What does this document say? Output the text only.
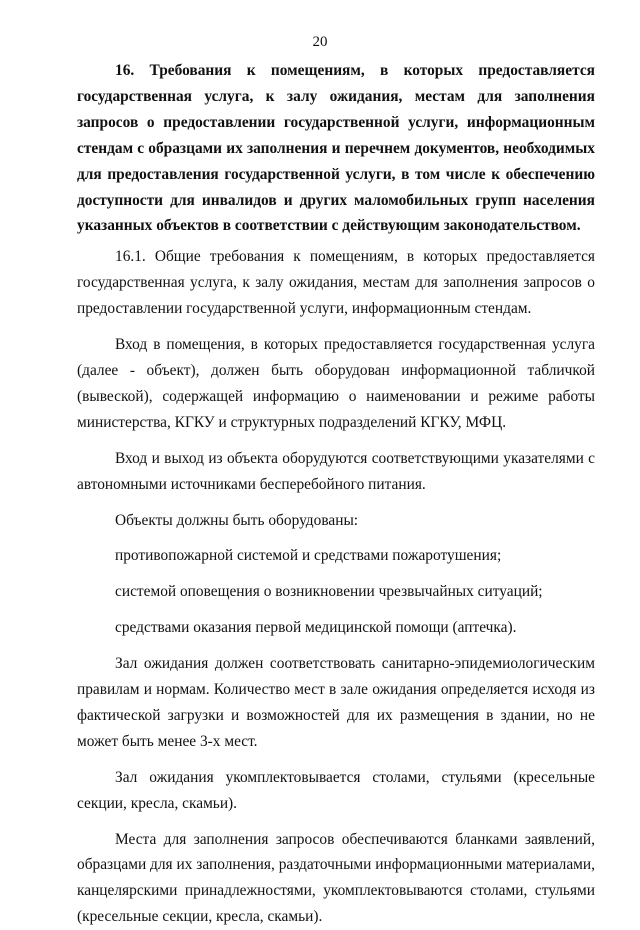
20

16. Требования к помещениям, в которых предоставляется государственная услуга, к залу ожидания, местам для заполнения запросов о предоставлении государственной услуги, информационным стендам с образцами их заполнения и перечнем документов, необходимых для предоставления государственной услуги, в том числе к обеспечению доступности для инвалидов и других маломобильных групп населения указанных объектов в соответствии с действующим законодательством.

16.1. Общие требования к помещениям, в которых предоставляется государственная услуга, к залу ожидания, местам для заполнения запросов о предоставлении государственной услуги, информационным стендам.

Вход в помещения, в которых предоставляется государственная услуга (далее - объект), должен быть оборудован информационной табличкой (вывеской), содержащей информацию о наименовании и режиме работы министерства, КГКУ и структурных подразделений КГКУ, МФЦ.

Вход и выход из объекта оборудуются соответствующими указателями с автономными источниками бесперебойного питания.

Объекты должны быть оборудованы:

противопожарной системой и средствами пожаротушения;

системой оповещения о возникновении чрезвычайных ситуаций;

средствами оказания первой медицинской помощи (аптечка).

Зал ожидания должен соответствовать санитарно-эпидемиологическим правилам и нормам. Количество мест в зале ожидания определяется исходя из фактической загрузки и возможностей для их размещения в здании, но не может быть менее 3-х мест.

Зал ожидания укомплектовывается столами, стульями (кресельные секции, кресла, скамьи).

Места для заполнения запросов обеспечиваются бланками заявлений, образцами для их заполнения, раздаточными информационными материалами, канцелярскими принадлежностями, укомплектовываются столами, стульями (кресельные секции, кресла, скамьи).
